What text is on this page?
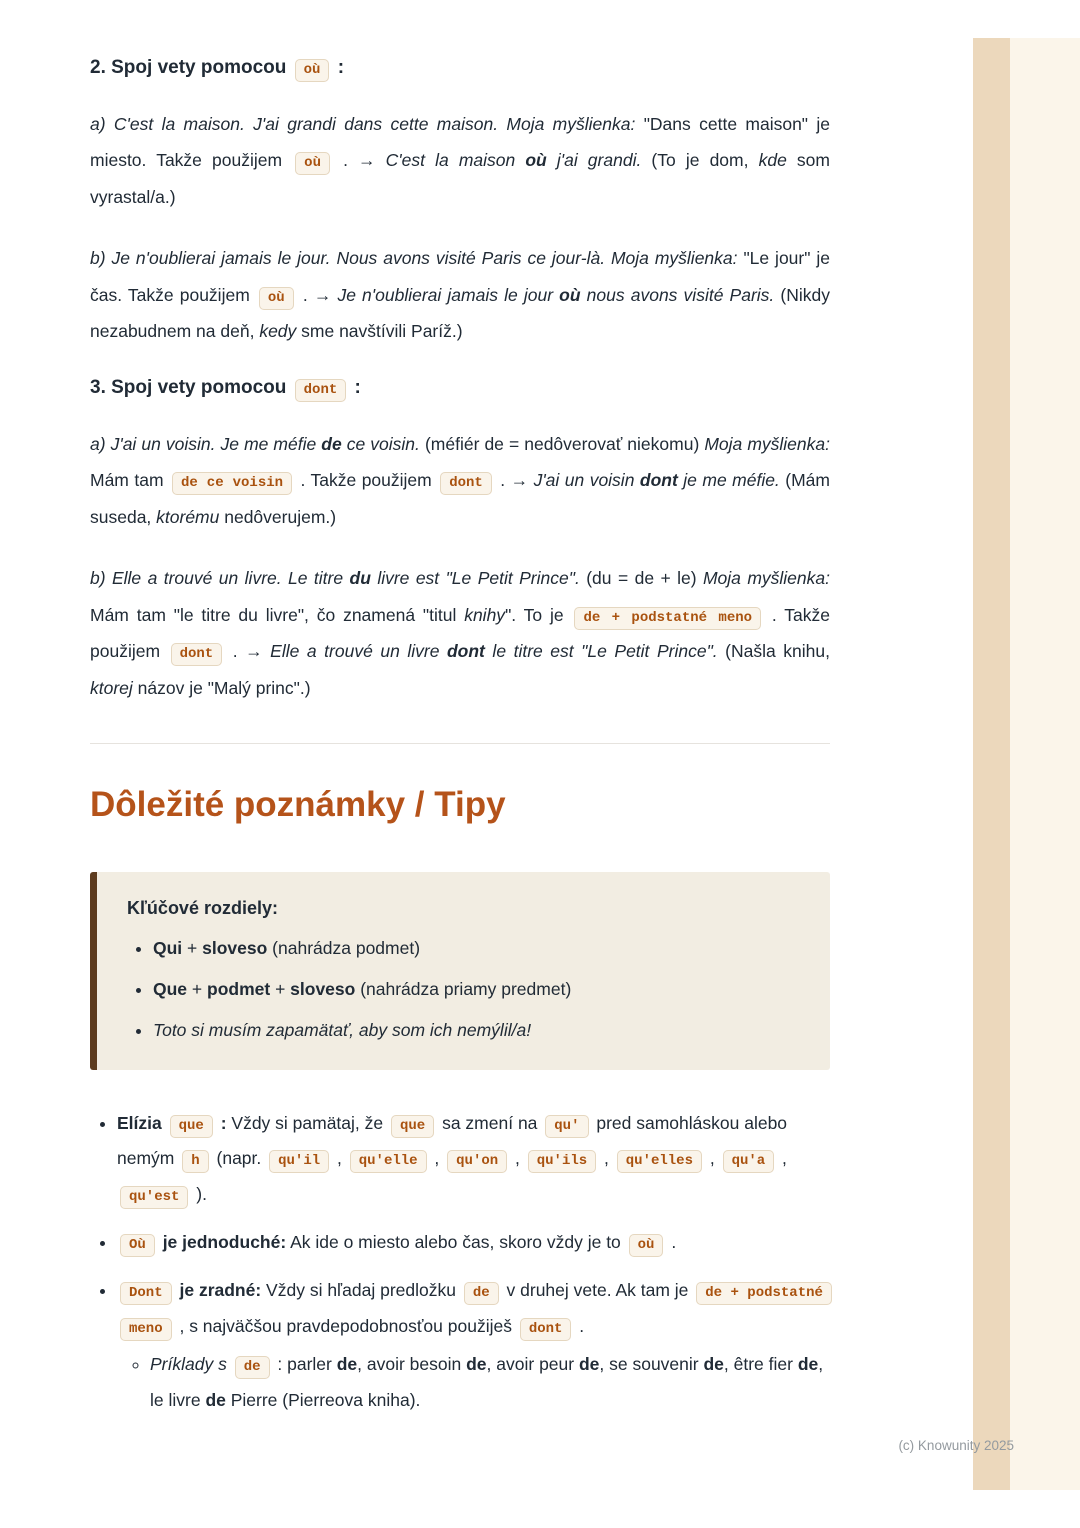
2. Spoj vety pomocou où :

a) C'est la maison. J'ai grandi dans cette maison. Moja myšlienka: "Dans cette maison" je miesto. Takže použijem où . → C'est la maison où j'ai grandi. (To je dom, kde som vyrastal/a.)

b) Je n'oublierai jamais le jour. Nous avons visité Paris ce jour-là. Moja myšlienka: "Le jour" je čas. Takže použijem où . → Je n'oublierai jamais le jour où nous avons visité Paris. (Nikdy nezabudnem na deň, kedy sme navštívili Paríž.)

3. Spoj vety pomocou dont :

a) J'ai un voisin. Je me méfie de ce voisin. (méfiér de = nedôverovať niekomu) Moja myšlienka: Mám tam de ce voisin . Takže použijem dont . → J'ai un voisin dont je me méfie. (Mám suseda, ktorému nedôverujem.)

b) Elle a trouvé un livre. Le titre du livre est "Le Petit Prince". (du = de + le) Moja myšlienka: Mám tam "le titre du livre", čo znamená "titul knihy". To je de + podstatné meno . Takže použijem dont . → Elle a trouvé un livre dont le titre est "Le Petit Prince". (Našla knihu, ktorej názov je "Malý princ".)

Dôležité poznámky / Tipy

Kľúčové rozdiely:

• Qui + sloveso (nahrádza podmet)
• Que + podmet + sloveso (nahrádza priamy predmet)
• Toto si musím zapamätať, aby som ich nemýlil/a!
• Elízia que : Vždy si pamätaj, že que sa zmení na qu' pred samohláskou alebo nemým h (napr. qu'il , qu'elle , qu'on , qu'ils , qu'elles , qu'a , qu'est ).
• Où je jednoduché: Ak ide o miesto alebo čas, skoro vždy je to où .
• Dont je zradné: Vždy si hľadaj predložku de v druhej vete. Ak tam je de + podstatné meno , s najväčšou pravdepodobnosťou použiješ dont .
◦ Príklady s de : parler de, avoir besoin de, avoir peur de, se souvenir de, être fier de, le livre de Pierre (Pierreova kniha).
(c) Knowunity 2025
